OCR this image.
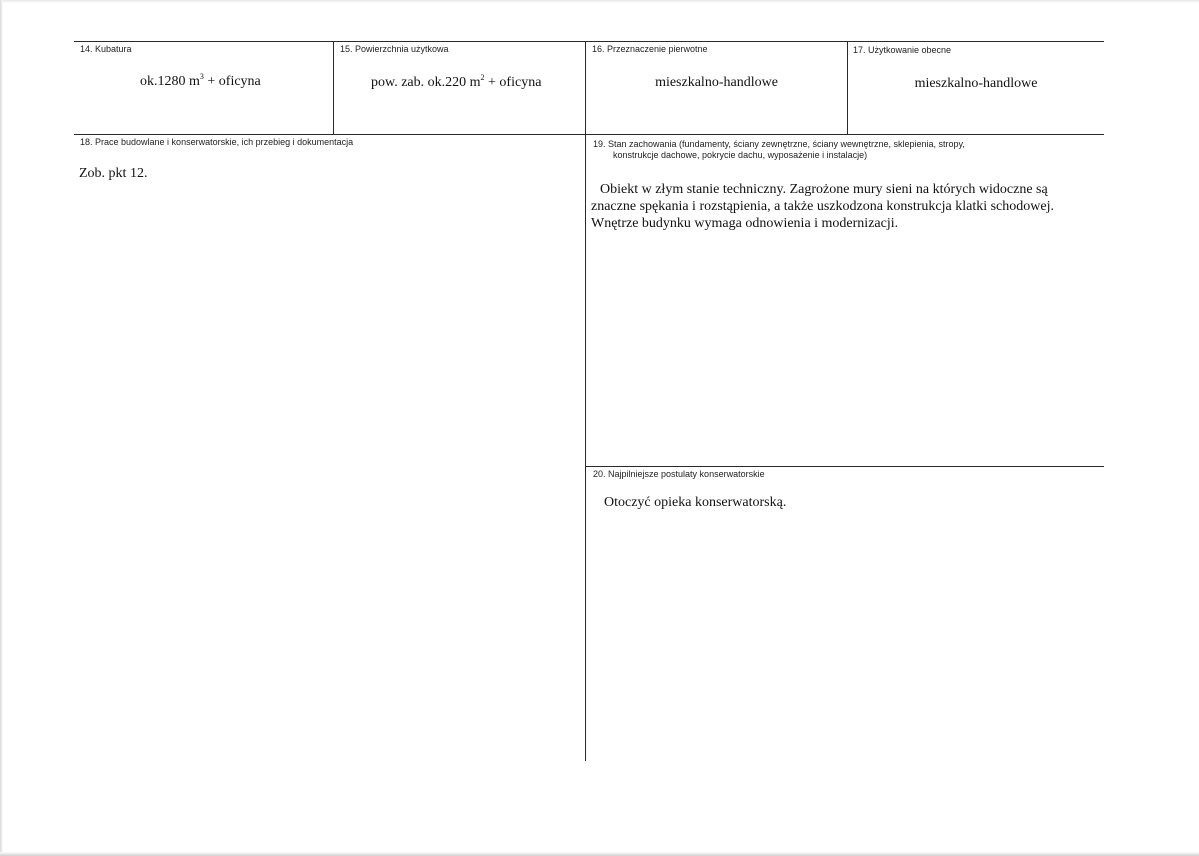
14. Kubatura
ok.1280 $m^3$ + oficyna
15. Powierzchnia użytkowa
pow. zab. ok.220 $m^2$ + oficyna
16. Przeznaczenie pierwotne
mieszkalno-handlowe
17. Użytkowanie obecne
mieszkalno-handlowe
18. Prace budowlane i konserwatorskie, ich przebieg i dokumentacja
Zob. pkt 12.
19. Stan zachowania (fundamenty, ściany zewnętrzne, ściany wewnętrzne, sklepienia, stropy,
konstrukcje dachowe, pokrycie dachu, wyposażenie i instalacje)
Obiekt w złym stanie techniczny. Zagrożone mury sieni na których widoczne są
znaczne spękania i rozstąpienia, a także uszkodzona konstrukcja klatki schodowej.
Wnętrze budynku wymaga odnowienia i modernizacji.
20. Najpilniejsze postulaty konserwatorskie
Otoczyć opieka konserwatorską.
